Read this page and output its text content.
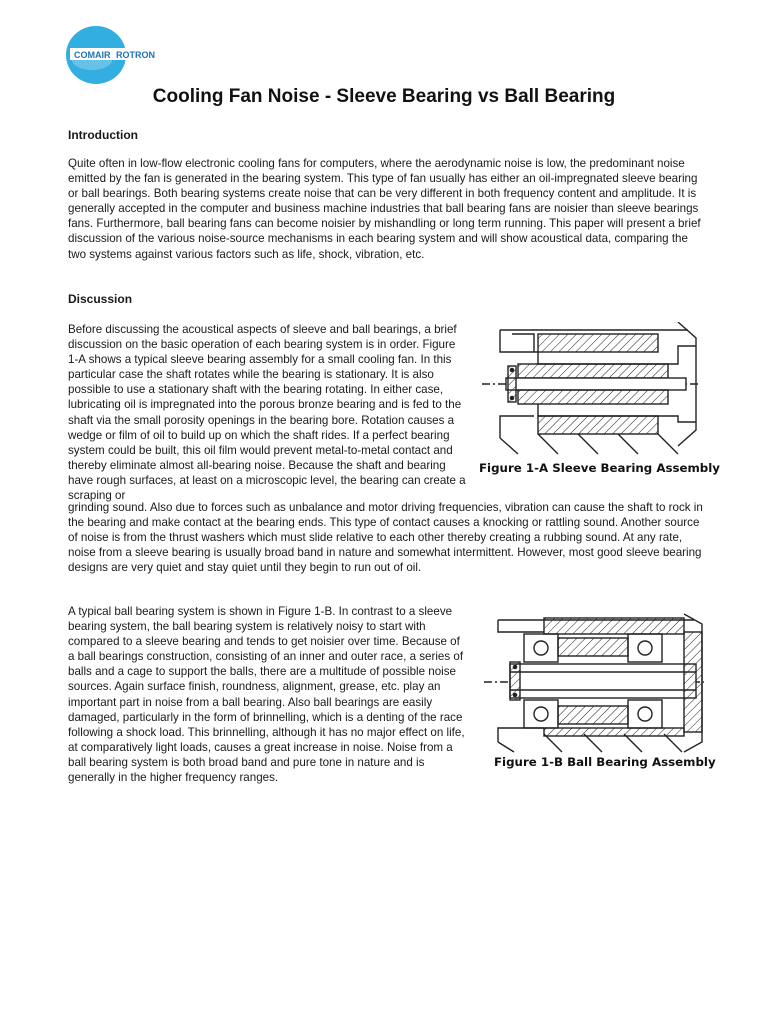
COMAIR ROTRON
Cooling Fan Noise - Sleeve Bearing vs Ball Bearing
Introduction

Quite often in low-flow electronic cooling fans for computers, where the aerodynamic noise is low, the predominant noise emitted by the fan is generated in the bearing system. This type of fan usually has either an oil-impregnated sleeve bearing or ball bearings. Both bearing systems create noise that can be very different in both frequency content and amplitude. It is generally accepted in the computer and business machine industries that ball bearing fans are noisier than sleeve bearings fans. Furthermore, ball bearing fans can become noisier by mishandling or long term running. This paper will present a brief discussion of the various noise-source mechanisms in each bearing system and will show acoustical data, comparing the two systems against various factors such as life, shock, vibration, etc.

Discussion

Before discussing the acoustical aspects of sleeve and ball bearings, a brief discussion on the basic operation of each bearing system is in order. Figure 1-A shows a typical sleeve bearing assembly for a small cooling fan. In this particular case the shaft rotates while the bearing is stationary. It is also possible to use a stationary shaft with the bearing rotating. In either case, lubricating oil is impregnated into the porous bronze bearing and is fed to the shaft via the small porosity openings in the bearing bore. Rotation causes a wedge or film of oil to build up on which the shaft rides. If a perfect bearing system could be built, this oil film would prevent metal-to-metal contact and thereby eliminate almost all-bearing noise. Because the shaft and bearing have rough surfaces, at least on a microscopic level, the bearing can create a scraping or

grinding sound. Also due to forces such as unbalance and motor driving frequencies, vibration can cause the shaft to rock in the bearing and make contact at the bearing ends. This type of contact causes a knocking or rattling sound. Another source of noise is from the thrust washers which must slide relative to each other thereby creating a rubbing sound. At any rate, noise from a sleeve bearing is usually broad band in nature and somewhat intermittent. However, most good sleeve bearing designs are very quiet and stay quiet until they begin to run out of oil.

A typical ball bearing system is shown in Figure 1-B. In contrast to a sleeve bearing system, the ball bearing system is relatively noisy to start with compared to a sleeve bearing and tends to get noisier over time. Because of a ball bearings construction, consisting of an inner and outer race, a series of balls and a cage to support the balls, there are a multitude of possible noise sources. Again surface finish, roundness, alignment, grease, etc. play an important part in noise from a ball bearing. Also ball bearings are easily damaged, particularly in the form of brinnelling, which is a denting of the race following a shock load. This brinnelling, although it has no major effect on life, at comparatively light loads, causes a great increase in noise. Noise from a ball bearing system is both broad band and pure tone in nature and is generally in the higher frequency ranges.

Figure 1-A Sleeve Bearing Assembly
Figure 1-B Ball Bearing Assembly
